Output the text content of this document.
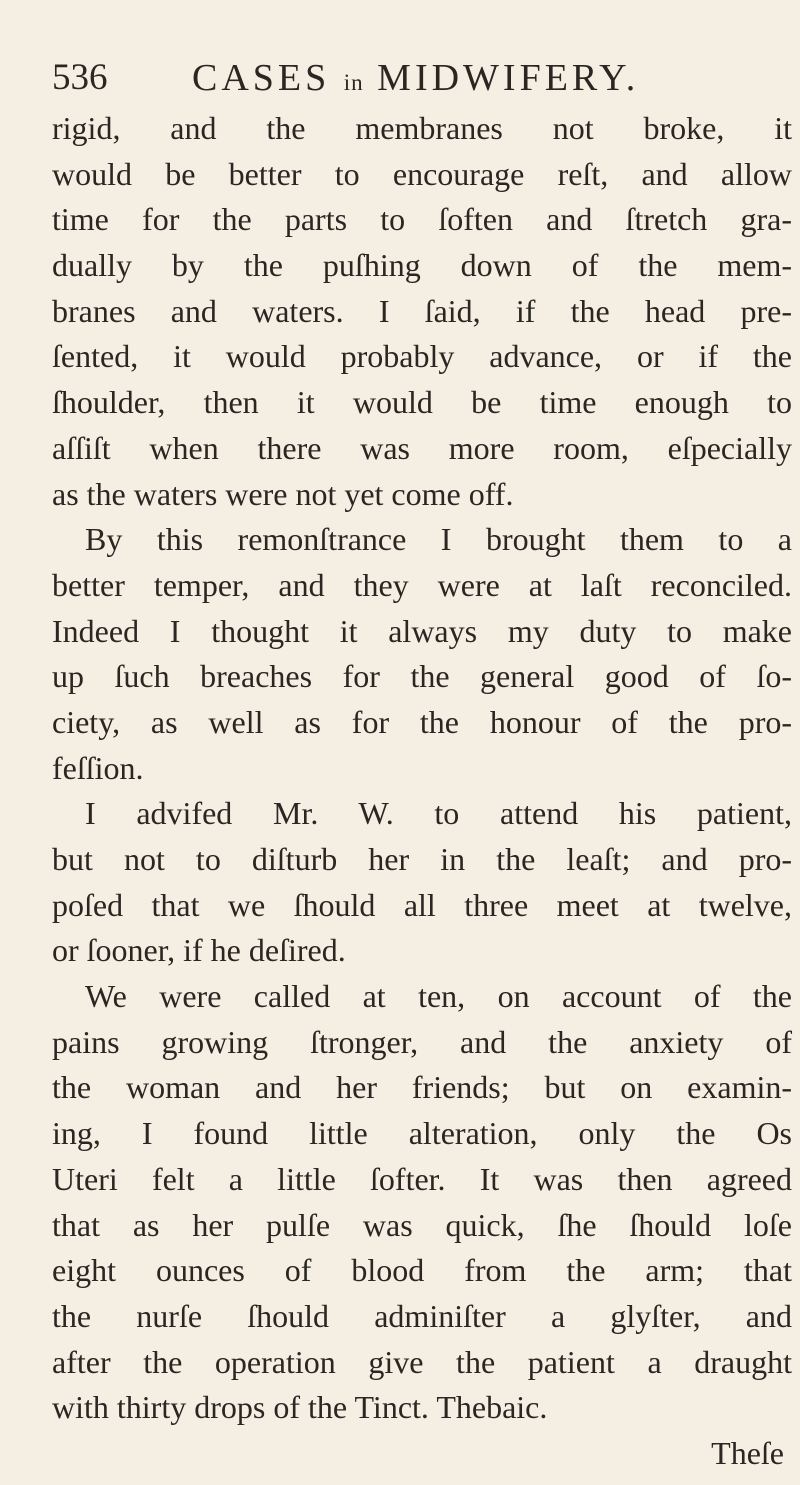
536 CASES in MIDWIFERY.
rigid, and the membranes not broke, it
would be better to encourage reſt, and allow
time for the parts to ſoften and ſtretch gra-
dually by the puſhing down of the mem-
branes and waters. I ſaid, if the head pre-
ſented, it would probably advance, or if the
ſhoulder, then it would be time enough to
aſſiſt when there was more room, eſpecially
as the waters were not yet come off.
By this remonſtrance I brought them to a
better temper, and they were at laſt reconciled.
Indeed I thought it always my duty to make
up ſuch breaches for the general good of ſo-
ciety, as well as for the honour of the pro-
feſſion.
I advifed Mr. W. to attend his patient,
but not to diſturb her in the leaſt; and pro-
poſed that we ſhould all three meet at twelve,
or ſooner, if he deſired.
We were called at ten, on account of the
pains growing ſtronger, and the anxiety of
the woman and her friends; but on examin-
ing, I found little alteration, only the Os
Uteri felt a little ſofter. It was then agreed
that as her pulſe was quick, ſhe ſhould loſe
eight ounces of blood from the arm; that
the nurſe ſhould adminiſter a glyſter, and
after the operation give the patient a draught
with thirty drops of the Tinct. Thebaic.
Theſe
